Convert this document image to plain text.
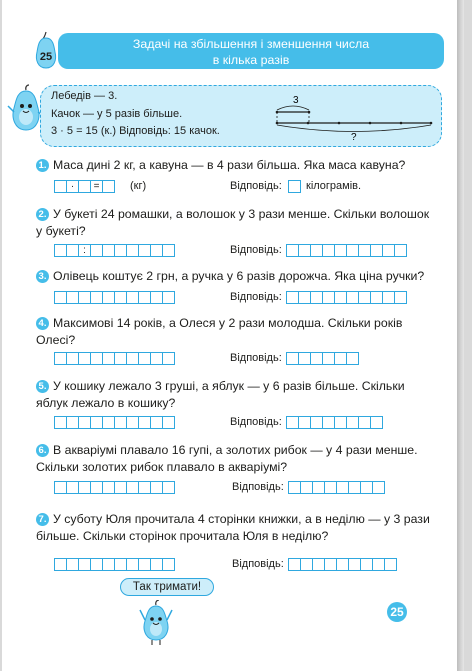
25
Задачі на збільшення і зменшення числа
в кілька разів
Лебедів — 3.
Качок — у 5 разів більше.
3 · 5 = 15 (к.) Відповідь: 15 качок.
3
?
1. Маса дині 2 кг, а кавуна — в 4 рази більша. Яка маса кавуна?
·	=	(кг)	Відповідь: кілограмів.
2. У букеті 24 ромашки, а волошок у 3 рази менше. Скільки волошок у букеті?
:	Відповідь:
3. Олівець коштує 2 грн, а ручка у 6 разів дорожча. Яка ціна ручки?
Відповідь:
4. Максимові 14 років, а Олеся у 2 рази молодша. Скільки років Олесі?
Відповідь:
5. У кошику лежало 3 груші, а яблук — у 6 разів більше. Скільки яблук лежало в кошику?
Відповідь:
6. В акваріумі плавало 16 гупі, а золотих рибок — у 4 рази менше. Скільки золотих рибок плавало в акваріумі?
Відповідь:
7. У суботу Юля прочитала 4 сторінки книжки, а в неділю — у 3 рази більше. Скільки сторінок прочитала Юля в неділю?
Відповідь:
Так тримати!
25
